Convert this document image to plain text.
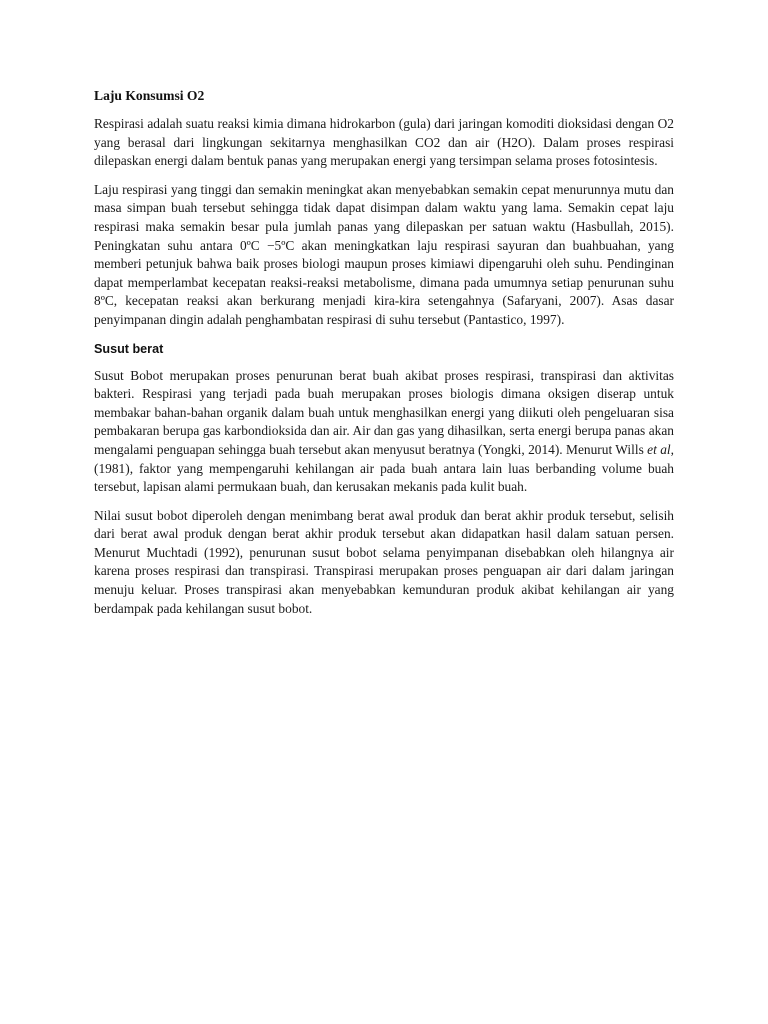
Laju Konsumsi O2

Respirasi adalah suatu reaksi kimia dimana hidrokarbon (gula) dari jaringan komoditi dioksidasi dengan O2 yang berasal dari lingkungan sekitarnya menghasilkan CO2 dan air (H2O). Dalam proses respirasi dilepaskan energi dalam bentuk panas yang merupakan energi yang tersimpan selama proses fotosintesis.

Laju respirasi yang tinggi dan semakin meningkat akan menyebabkan semakin cepat menurunnya mutu dan masa simpan buah tersebut sehingga tidak dapat disimpan dalam waktu yang lama. Semakin cepat laju respirasi maka semakin besar pula jumlah panas yang dilepaskan per satuan waktu (Hasbullah, 2015). Peningkatan suhu antara 0ºC −5ºC akan meningkatkan laju respirasi sayuran dan buahbuahan, yang memberi petunjuk bahwa baik proses biologi maupun proses kimiawi dipengaruhi oleh suhu. Pendinginan dapat memperlambat kecepatan reaksi-reaksi metabolisme, dimana pada umumnya setiap penurunan suhu 8ºC, kecepatan reaksi akan berkurang menjadi kira-kira setengahnya (Safaryani, 2007). Asas dasar penyimpanan dingin adalah penghambatan respirasi di suhu tersebut (Pantastico, 1997).

Susut berat

Susut Bobot merupakan proses penurunan berat buah akibat proses respirasi, transpirasi dan aktivitas bakteri. Respirasi yang terjadi pada buah merupakan proses biologis dimana oksigen diserap untuk membakar bahan-bahan organik dalam buah untuk menghasilkan energi yang diikuti oleh pengeluaran sisa pembakaran berupa gas karbondioksida dan air. Air dan gas yang dihasilkan, serta energi berupa panas akan mengalami penguapan sehingga buah tersebut akan menyusut beratnya (Yongki, 2014). Menurut Wills et al, (1981), faktor yang mempengaruhi kehilangan air pada buah antara lain luas berbanding volume buah tersebut, lapisan alami permukaan buah, dan kerusakan mekanis pada kulit buah.

Nilai susut bobot diperoleh dengan menimbang berat awal produk dan berat akhir produk tersebut, selisih dari berat awal produk dengan berat akhir produk tersebut akan didapatkan hasil dalam satuan persen. Menurut Muchtadi (1992), penurunan susut bobot selama penyimpanan disebabkan oleh hilangnya air karena proses respirasi dan transpirasi. Transpirasi merupakan proses penguapan air dari dalam jaringan menuju keluar. Proses transpirasi akan menyebabkan kemunduran produk akibat kehilangan air yang berdampak pada kehilangan susut bobot.
